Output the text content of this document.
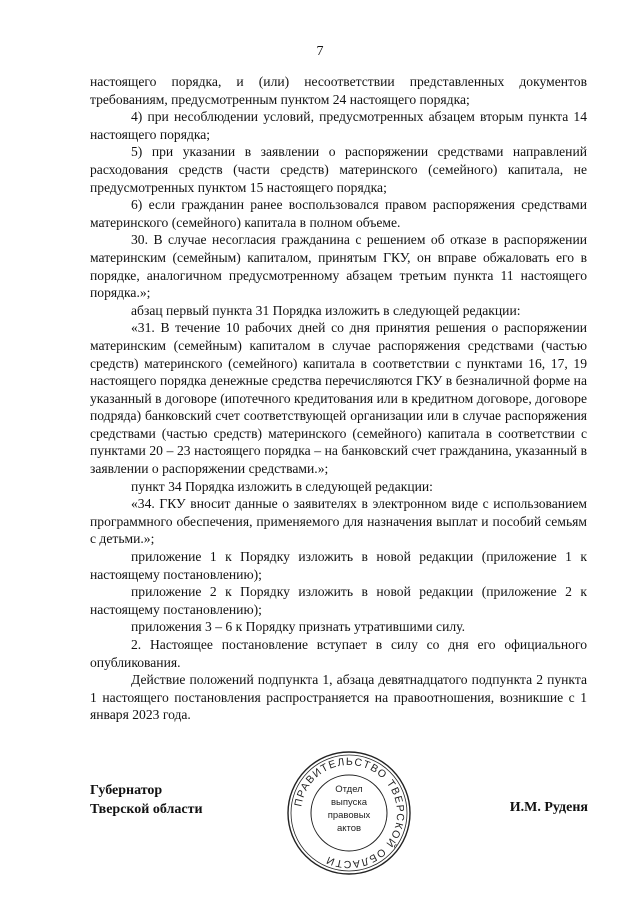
7

настоящего порядка, и (или) несоответствии представленных документов требованиям, предусмотренным пунктом 24 настоящего порядка;

4) при несоблюдении условий, предусмотренных абзацем вторым пункта 14 настоящего порядка;

5) при указании в заявлении о распоряжении средствами направлений расходования средств (части средств) материнского (семейного) капитала, не предусмотренных пунктом 15 настоящего порядка;

6) если гражданин ранее воспользовался правом распоряжения средствами материнского (семейного) капитала в полном объеме.

30. В случае несогласия гражданина с решением об отказе в распоряжении материнским (семейным) капиталом, принятым ГКУ, он вправе обжаловать его в порядке, аналогичном предусмотренному абзацем третьим пункта 11 настоящего порядка.»;

абзац первый пункта 31 Порядка изложить в следующей редакции:

«31. В течение 10 рабочих дней со дня принятия решения о распоряжении материнским (семейным) капиталом в случае распоряжения средствами (частью средств) материнского (семейного) капитала в соответствии с пунктами 16, 17, 19 настоящего порядка денежные средства перечисляются ГКУ в безналичной форме на указанный в договоре (ипотечного кредитования или в кредитном договоре, договоре подряда) банковский счет соответствующей организации или в случае распоряжения средствами (частью средств) материнского (семейного) капитала в соответствии с пунктами 20 – 23 настоящего порядка – на банковский счет гражданина, указанный в заявлении о распоряжении средствами.»;

пункт 34 Порядка изложить в следующей редакции:

«34. ГКУ вносит данные о заявителях в электронном виде с использованием программного обеспечения, применяемого для назначения выплат и пособий семьям с детьми.»;

приложение 1 к Порядку изложить в новой редакции (приложение 1 к настоящему постановлению);

приложение 2 к Порядку изложить в новой редакции (приложение 2 к настоящему постановлению);

приложения 3 – 6 к Порядку признать утратившими силу.

2. Настоящее постановление вступает в силу со дня его официального опубликования.

Действие положений подпункта 1, абзаца девятнадцатого подпункта 2 пункта 1 настоящего постановления распространяется на правоотношения, возникшие с 1 января 2023 года.

Губернатор
Тверской области	ПРАВИТЕЛЬСТВО ТВЕРСКОЙ ОБЛАСТИ
Отдел
выпуска
правовых
актов
И.М. Руденя
